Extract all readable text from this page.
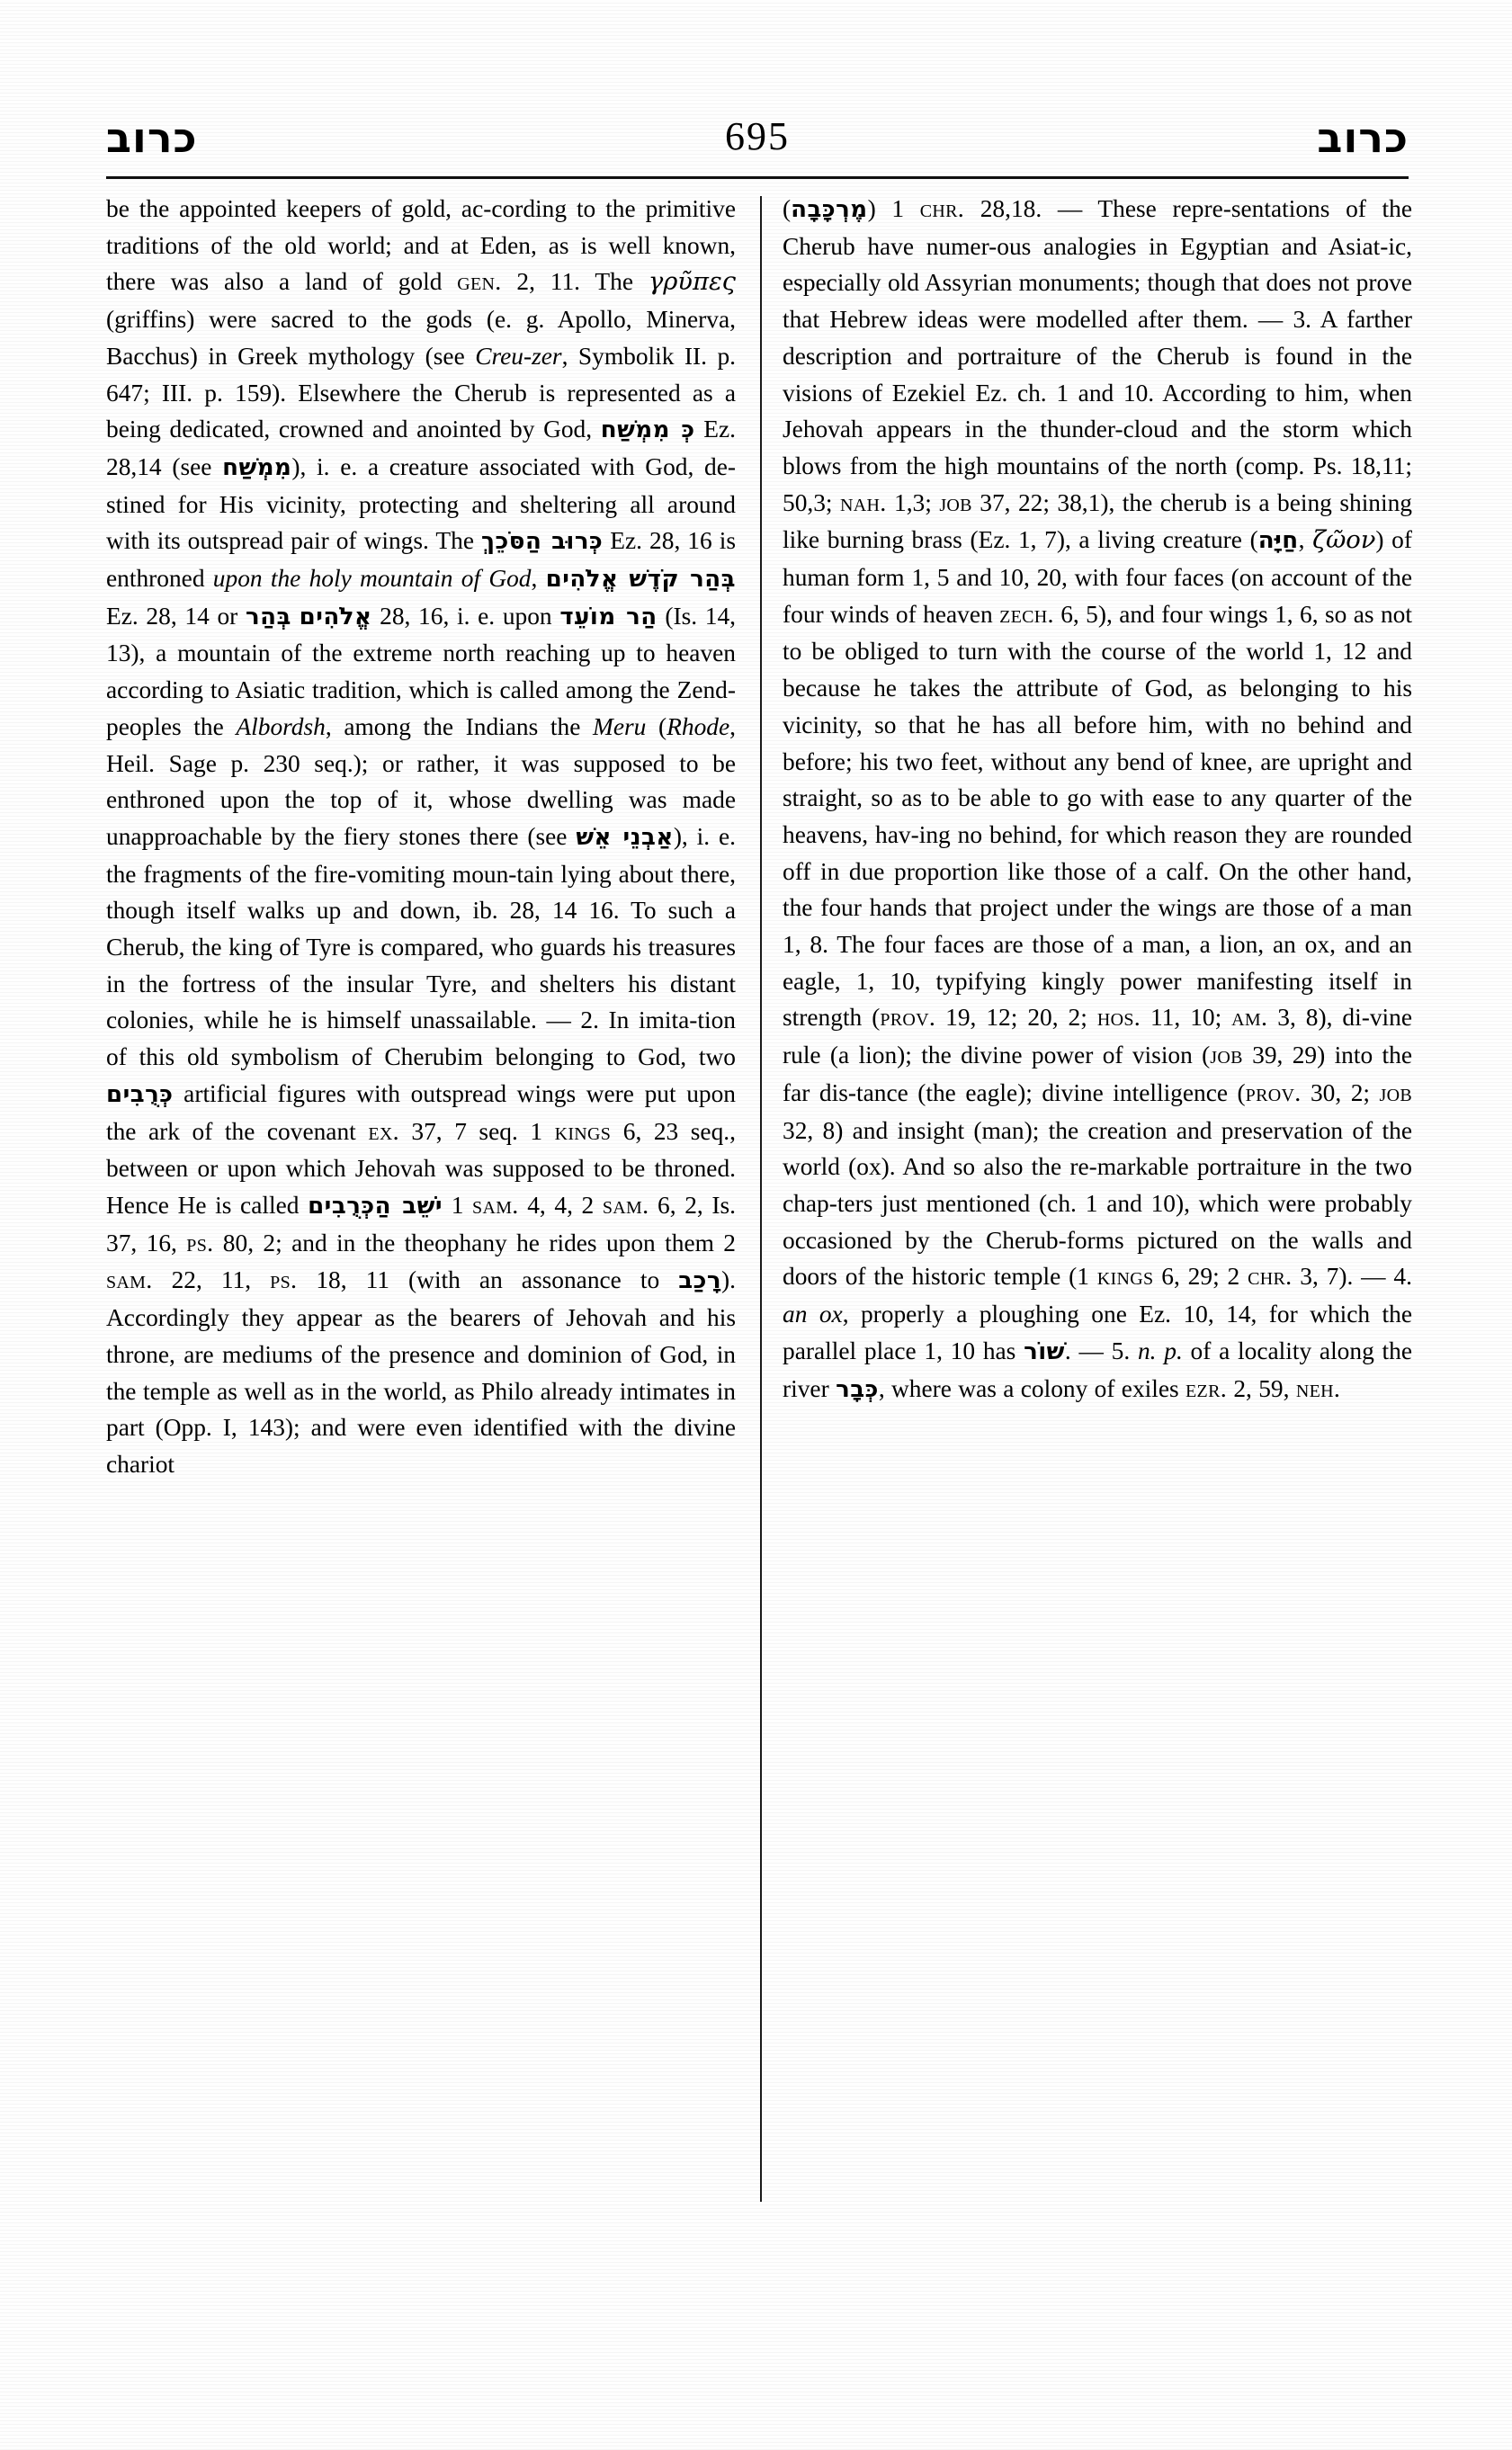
כרוב	695	כרוב
be the appointed keepers of gold, ac-cording to the primitive traditions of the old world; and at Eden, as is well known, there was also a land of gold gen. 2, 11. The γρῦπες (griffins) were sacred to the gods (e. g. Apollo, Minerva, Bacchus) in Greek mythology (see Creu-zer, Symbolik II. p. 647; III. p. 159). Elsewhere the Cherub is represented as a being dedicated, crowned and anointed by God, כְּ מִמְשַׁח Ez. 28,14 (see מִמְשַׁח), i. e. a creature associated with God, de-stined for His vicinity, protecting and sheltering all around with its outspread pair of wings. The כְּרוּב הַסֹּכֵךְ Ez. 28, 16 is enthroned upon the holy mountain of God, בְּהַר קֹדֶשׁ אֱלֹהִים Ez. 28, 14 or בְּהַר אֱלֹהִים 28, 16, i. e. upon הַר מוֹעֵד (Is. 14, 13), a mountain of the extreme north reaching up to heaven according to Asiatic tradition, which is called among the Zend-peoples the Albordsh, among the Indians the Meru (Rhode, Heil. Sage p. 230 seq.); or rather, it was supposed to be enthroned upon the top of it, whose dwelling was made unapproachable by the fiery stones there (see אַבְנֵי אֵשׁ), i. e. the fragments of the fire-vomiting moun-tain lying about there, though itself walks up and down, ib. 28, 14 16. To such a Cherub, the king of Tyre is compared, who guards his treasures in the fortress of the insular Tyre, and shelters his distant colonies, while he is himself unassailable. — 2. In imita-tion of this old symbolism of Cherubim belonging to God, two כְּרֻבִים artificial figures with outspread wings were put upon the ark of the covenant ex. 37, 7 seq. 1 kings 6, 23 seq., between or upon which Jehovah was supposed to be throned. Hence He is called יֹשֵׁב הַכְּרֻבִים 1 sam. 4, 4, 2 sam. 6, 2, Is. 37, 16, ps. 80, 2; and in the theophany he rides upon them 2 sam. 22, 11, ps. 18, 11 (with an assonance to רָכַב). Accordingly they appear as the bearers of Jehovah and his throne, are mediums of the presence and dominion of God, in the temple as well as in the world, as Philo already intimates in part (Opp. I, 143); and were even identified with the divine chariot
(מֶרְכָּבָה) 1 chr. 28,18. — These repre-sentations of the Cherub have numer-ous analogies in Egyptian and Asiat-ic, especially old Assyrian monuments; though that does not prove that Hebrew ideas were modelled after them. — 3. A farther description and portraiture of the Cherub is found in the visions of Ezekiel Ez. ch. 1 and 10. According to him, when Jehovah appears in the thunder-cloud and the storm which blows from the high mountains of the north (comp. Ps. 18,11; 50,3; nah. 1,3; job 37, 22; 38,1), the cherub is a being shining like burning brass (Ez. 1, 7), a living creature (חַיָּה, ζῶον) of human form 1, 5 and 10, 20, with four faces (on account of the four winds of heaven zech. 6, 5), and four wings 1, 6, so as not to be obliged to turn with the course of the world 1, 12 and because he takes the attribute of God, as belonging to his vicinity, so that he has all before him, with no behind and before; his two feet, without any bend of knee, are upright and straight, so as to be able to go with ease to any quarter of the heavens, hav-ing no behind, for which reason they are rounded off in due proportion like those of a calf. On the other hand, the four hands that project under the wings are those of a man 1, 8. The four faces are those of a man, a lion, an ox, and an eagle, 1, 10, typifying kingly power manifesting itself in strength (prov. 19, 12; 20, 2; hos. 11, 10; am. 3, 8), di-vine rule (a lion); the divine power of vision (job 39, 29) into the far dis-tance (the eagle); divine intelligence (prov. 30, 2; job 32, 8) and insight (man); the creation and preservation of the world (ox). And so also the re-markable portraiture in the two chap-ters just mentioned (ch. 1 and 10), which were probably occasioned by the Cherub-forms pictured on the walls and doors of the historic temple (1 kings 6, 29; 2 chr. 3, 7). — 4. an ox, properly a ploughing one Ez. 10, 14, for which the parallel place 1, 10 has שׁוֹר. — 5. n. p. of a locality along the river כְּבָר, where was a colony of exiles ezr. 2, 59, neh.
